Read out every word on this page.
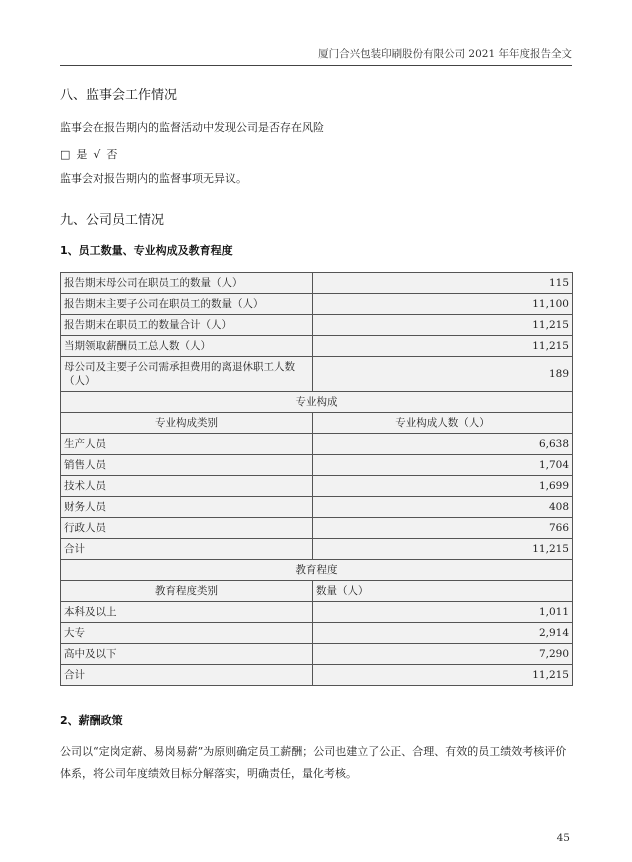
厦门合兴包装印刷股份有限公司 2021 年年度报告全文
八、监事会工作情况
监事会在报告期内的监督活动中发现公司是否存在风险
□ 是 √ 否
监事会对报告期内的监督事项无异议。
九、公司员工情况
1、员工数量、专业构成及教育程度
报告期末母公司在职员工的数量（人）	115
报告期末主要子公司在职员工的数量（人）	11,100
报告期末在职员工的数量合计（人）	11,215
当期领取薪酬员工总人数（人）	11,215
母公司及主要子公司需承担费用的离退休职工人数（人）	189
专业构成	
专业构成类别	专业构成人数（人）
生产人员	6,638
销售人员	1,704
技术人员	1,699
财务人员	408
行政人员	766
合计	11,215
教育程度	
教育程度类别	数量（人）
本科及以上	1,011
大专	2,914
高中及以下	7,290
合计	11,215
2、薪酬政策
公司以“定岗定薪、易岗易薪”为原则确定员工薪酬；公司也建立了公正、合理、有效的员工绩效考核评价体系，将公司年度绩效目标分解落实，明确责任，量化考核。
45
